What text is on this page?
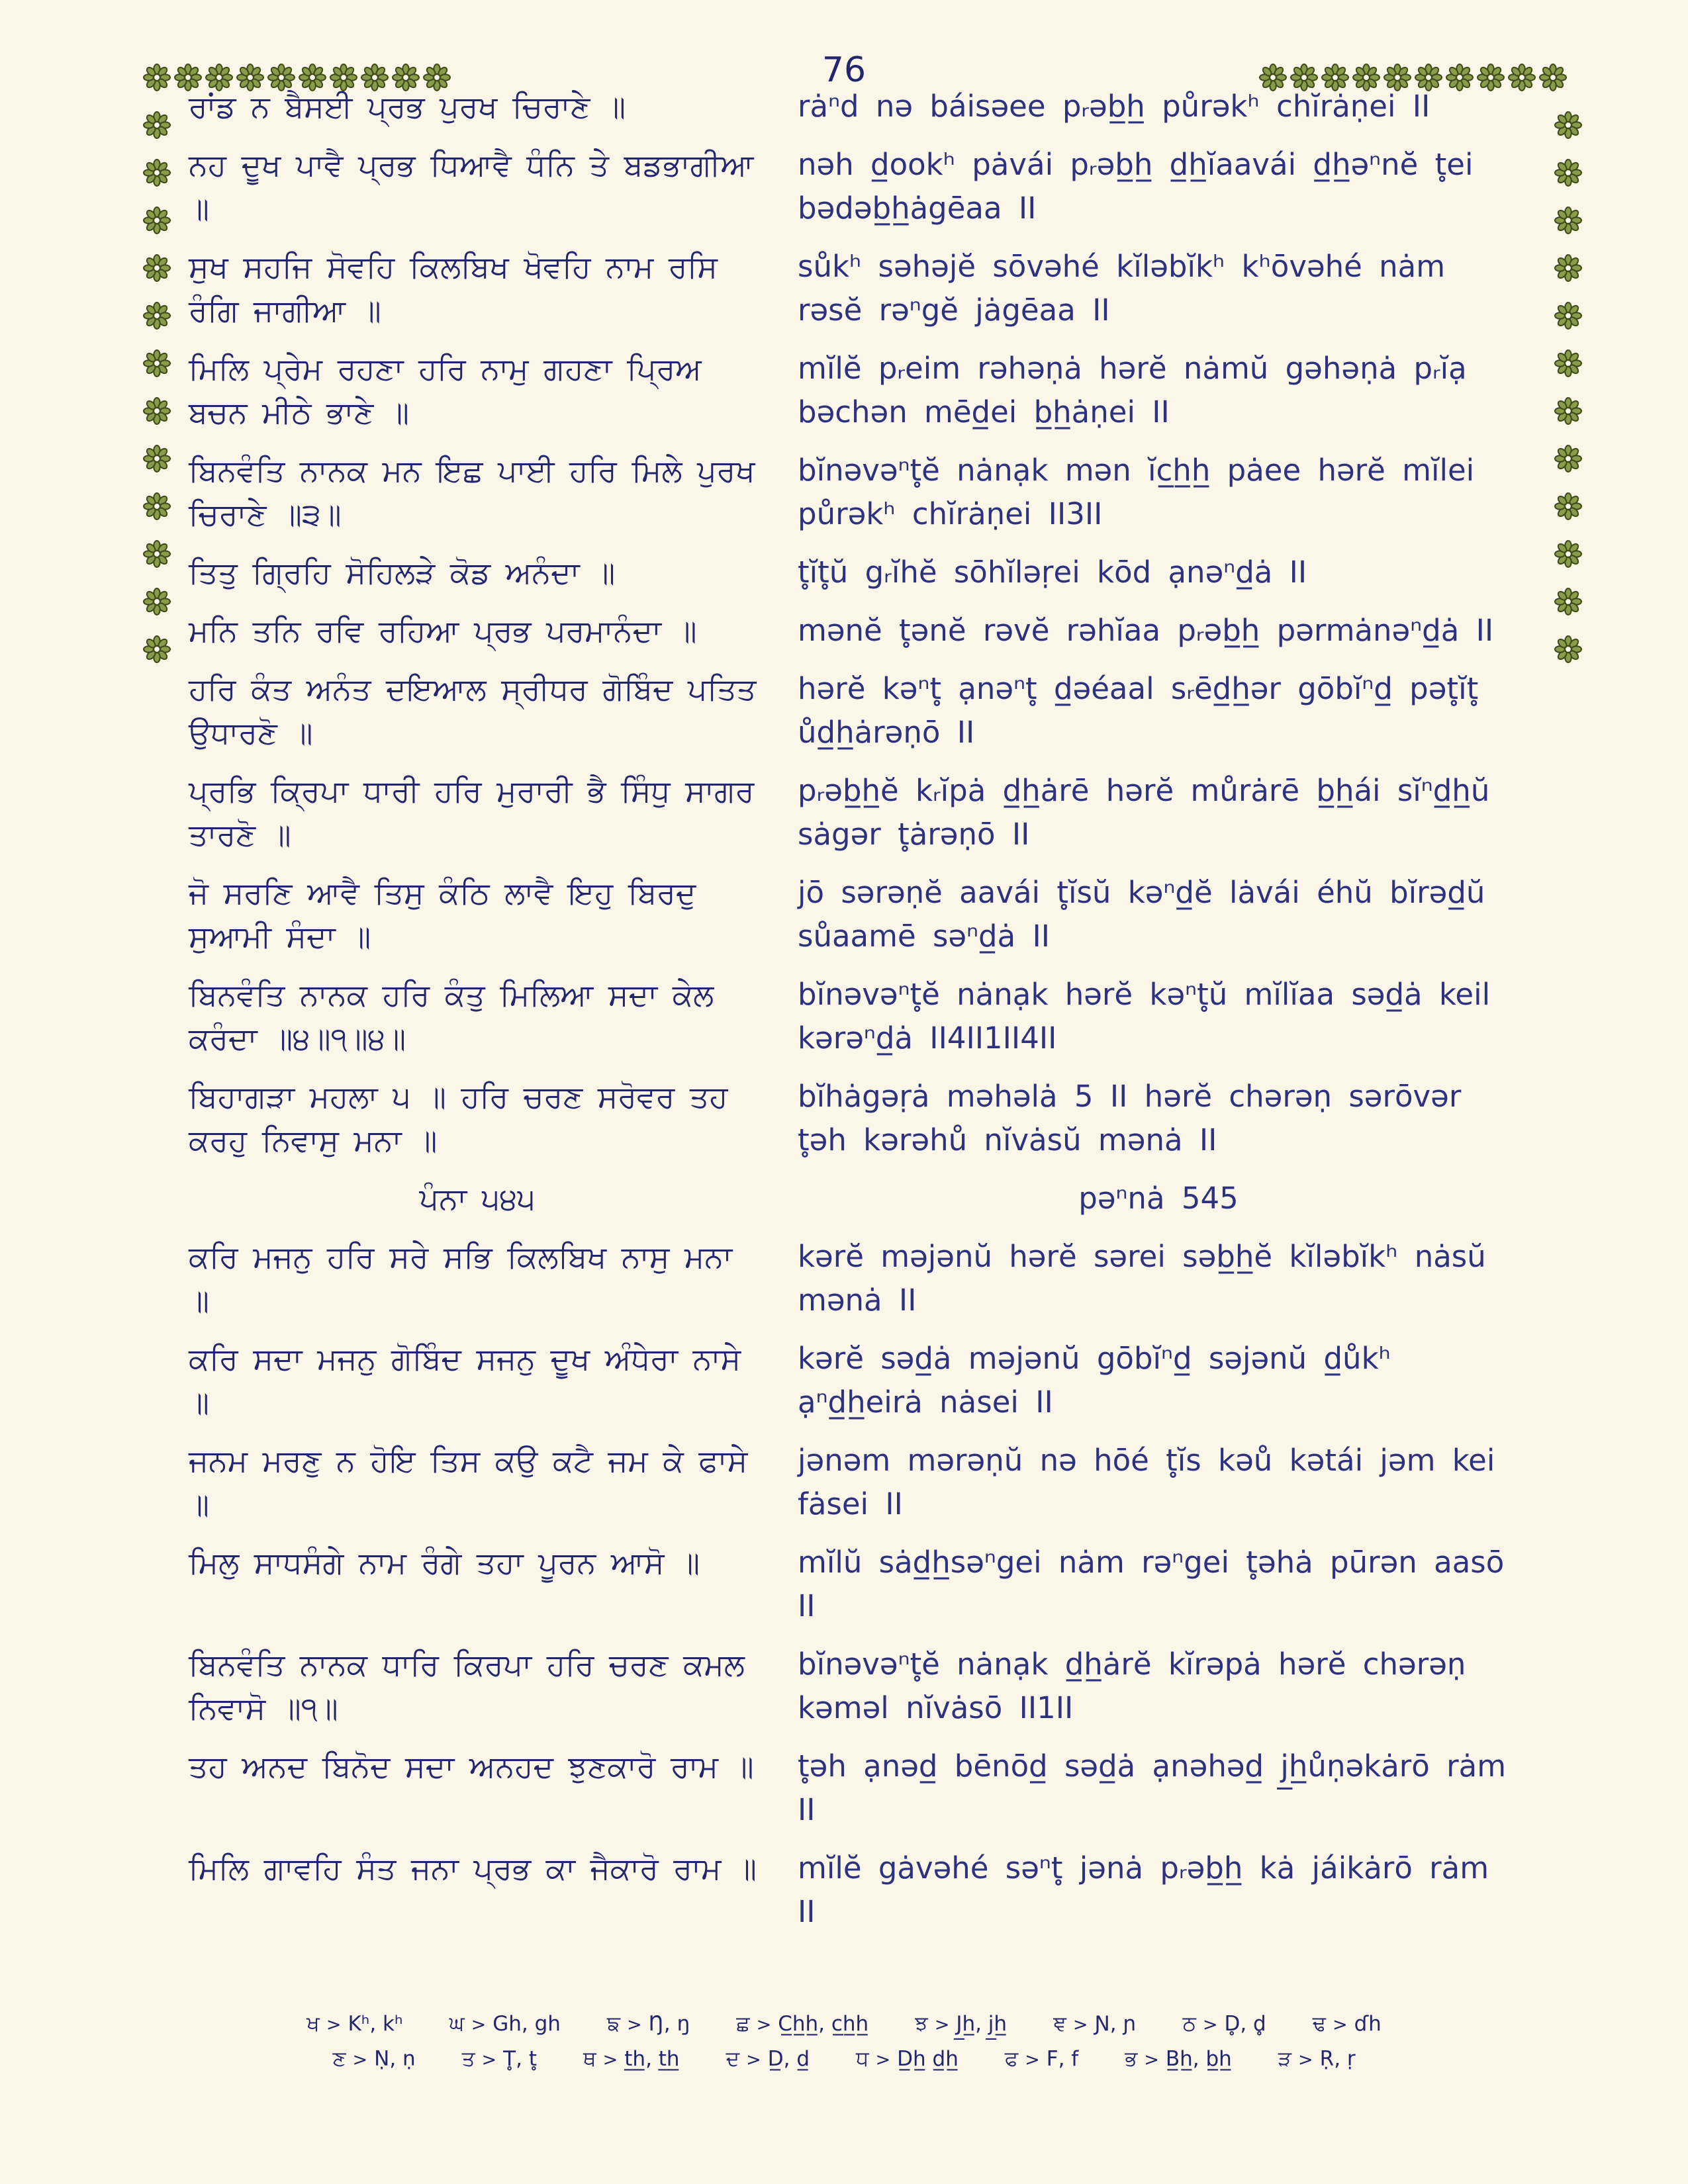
76
ਰਾਂਡ ਨ ਬੈਸਈ ਪ੍ਰਭ ਪੁਰਖ ਚਿਰਾਣੇ ॥	rȧⁿd nə báisəee pᵣəb̲h̲ půrəkʰ chĭrȧṇei II
ਨਹ ਦੂਖ ਪਾਵੈ ਪ੍ਰਭ ਧਿਆਵੈ ਧੰਨਿ ਤੇ ਬਡਭਾਗੀਆ ॥
nəh d̲ookʰ pȧvái pᵣəb̲h̲ d̲h̲ĭaavái d̲h̲əⁿnĕ t̥ei bədəb̲h̲ȧgēaa II
ਸੁਖ ਸਹਜਿ ਸੋਵਹਿ ਕਿਲਬਿਖ ਖੋਵਹਿ ਨਾਮ ਰਸਿ ਰੰਗਿ ਜਾਗੀਆ ॥
sůkʰ səhəjĕ sōvəhé kĭləbĭkʰ kʰōvəhé nȧm rəsĕ rəⁿgĕ jȧgēaa II
ਮਿਲਿ ਪ੍ਰੇਮ ਰਹਣਾ ਹਰਿ ਨਾਮੁ ਗਹਣਾ ਪ੍ਰਿਅ ਬਚਨ ਮੀਠੇ ਭਾਣੇ ॥
mĭlĕ pᵣeim rəhəṇȧ hərĕ nȧmŭ gəhəṇȧ pᵣĭạ bəchən mēd̲ei b̲h̲ȧṇei II
ਬਿਨਵੰਤਿ ਨਾਨਕ ਮਨ ਇਛ ਪਾਈ ਹਰਿ ਮਿਲੇ ਪੁਰਖ ਚਿਰਾਣੇ ॥੩॥
bĭnəvəⁿt̥ĕ nȧnạk mən ĭc̲h̲h̲ pȧee hərĕ mĭlei půrəkʰ chĭrȧṇei II3II
ਤਿਤੁ ਗ੍ਰਿਹਿ ਸੋਹਿਲੜੇ ਕੋਡ ਅਨੰਦਾ ॥	t̥ĭt̥ŭ gᵣĭhĕ sōhĭləṛei kōd ạnəⁿd̲ȧ II
ਮਨਿ ਤਨਿ ਰਵਿ ਰਹਿਆ ਪ੍ਰਭ ਪਰਮਾਨੰਦਾ ॥	mənĕ t̥ənĕ rəvĕ rəhĭaa pᵣəb̲h̲ pərmȧnəⁿd̲ȧ II
ਹਰਿ ਕੰਤ ਅਨੰਤ ਦਇਆਲ ਸ੍ਰੀਧਰ ਗੋਬਿੰਦ ਪਤਿਤ ਉਧਾਰਣੋ ॥
hərĕ kəⁿt̥ ạnəⁿt̥ d̲əéaal sᵣēd̲h̲ər gōbĭⁿd̲ pət̥ĭt̥ ůd̲h̲ȧrəṇō II
ਪ੍ਰਭਿ ਕ੍ਰਿਪਾ ਧਾਰੀ ਹਰਿ ਮੁਰਾਰੀ ਭੈ ਸਿੰਧੁ ਸਾਗਰ ਤਾਰਣੋ ॥
pᵣəb̲h̲ĕ kᵣĭpȧ d̲h̲ȧrē hərĕ můrȧrē b̲h̲ái sĭⁿd̲h̲ŭ sȧgər t̥ȧrəṇō II
ਜੋ ਸਰਣਿ ਆਵੈ ਤਿਸੁ ਕੰਠਿ ਲਾਵੈ ਇਹੁ ਬਿਰਦੁ ਸੁਆਮੀ ਸੰਦਾ ॥
jō sərəṇĕ aavái t̥ĭsŭ kəⁿd̲ĕ lȧvái éhŭ bĭrəd̲ŭ sůaamē səⁿd̲ȧ II
ਬਿਨਵੰਤਿ ਨਾਨਕ ਹਰਿ ਕੰਤੁ ਮਿਲਿਆ ਸਦਾ ਕੇਲ ਕਰੰਦਾ ॥੪॥੧॥੪॥
bĭnəvəⁿt̥ĕ nȧnạk hərĕ kəⁿt̥ŭ mĭlĭaa səd̲ȧ keil kərəⁿd̲ȧ II4II1II4II
ਬਿਹਾਗੜਾ ਮਹਲਾ ੫ ॥ ਹਰਿ ਚਰਣ ਸਰੋਵਰ ਤਹ ਕਰਹੁ ਨਿਵਾਸੁ ਮਨਾ ॥
bĭhȧgəṛȧ məhəlȧ 5 II hərĕ chərəṇ sərōvər t̥əh kərəhů nĭvȧsŭ mənȧ II
ਪੰਨਾ ੫੪੫	pəⁿnȧ 545
ਕਰਿ ਮਜਨੁ ਹਰਿ ਸਰੇ ਸਭਿ ਕਿਲਬਿਖ ਨਾਸੁ ਮਨਾ ॥
kərĕ məjənŭ hərĕ sərei səb̲h̲ĕ kĭləbĭkʰ nȧsŭ mənȧ II
ਕਰਿ ਸਦਾ ਮਜਨੁ ਗੋਬਿੰਦ ਸਜਨੁ ਦੂਖ ਅੰਧੇਰਾ ਨਾਸੇ ॥
kərĕ səd̲ȧ məjənŭ gōbĭⁿd̲ səjənŭ d̲ůkʰ ạⁿd̲h̲eirȧ nȧsei II
ਜਨਮ ਮਰਣੁ ਨ ਹੋਇ ਤਿਸ ਕਉ ਕਟੈ ਜਮ ਕੇ ਫਾਸੇ ॥
jənəm mərəṇŭ nə hōé t̥ĭs kəů kətái jəm kei fȧsei II
ਮਿਲੁ ਸਾਧਸੰਗੇ ਨਾਮ ਰੰਗੇ ਤਹਾ ਪੂਰਨ ਆਸੋ ॥	mĭlŭ sȧd̲h̲səⁿgei nȧm rəⁿgei t̥əhȧ pūrən aasō II
ਬਿਨਵੰਤਿ ਨਾਨਕ ਧਾਰਿ ਕਿਰਪਾ ਹਰਿ ਚਰਣ ਕਮਲ ਨਿਵਾਸੋ ॥੧॥
bĭnəvəⁿt̥ĕ nȧnạk d̲h̲ȧrĕ kĭrəpȧ hərĕ chərəṇ kəməl nĭvȧsō II1II
ਤਹ ਅਨਦ ਬਿਨੋਦ ਸਦਾ ਅਨਹਦ ਝੁਣਕਾਰੋ ਰਾਮ ॥	t̥əh ạnəd̲ bēnōd̲ səd̲ȧ ạnəhəd̲ j̲h̲ůṇəkȧrō rȧm II
ਮਿਲਿ ਗਾਵਹਿ ਸੰਤ ਜਨਾ ਪ੍ਰਭ ਕਾ ਜੈਕਾਰੋ ਰਾਮ ॥	mĭlĕ gȧvəhé səⁿt̥ jənȧ pᵣəb̲h̲ kȧ jáikȧrō rȧm II
ਖ > Kʰ, kʰ ਘ > Gh, gh ਙ > Ŋ, ŋ ਛ > C̲h̲h̲, c̲h̲h̲ ਝ > J̲h̲, j̲h̲ ਞ > Ɲ, ɲ ਠ > D̥, d̥ ਢ > ɗh
ਣ > Ṇ, ṇ ਤ > T̥, t̥ ਥ > t̲h̲, t̲h̲ ਦ > D̲, d̲ ਧ > D̲h̲ d̲h̲ ਫ > F, f ਭ > B̲h̲, b̲h̲ ੜ > Ṛ, ṛ
